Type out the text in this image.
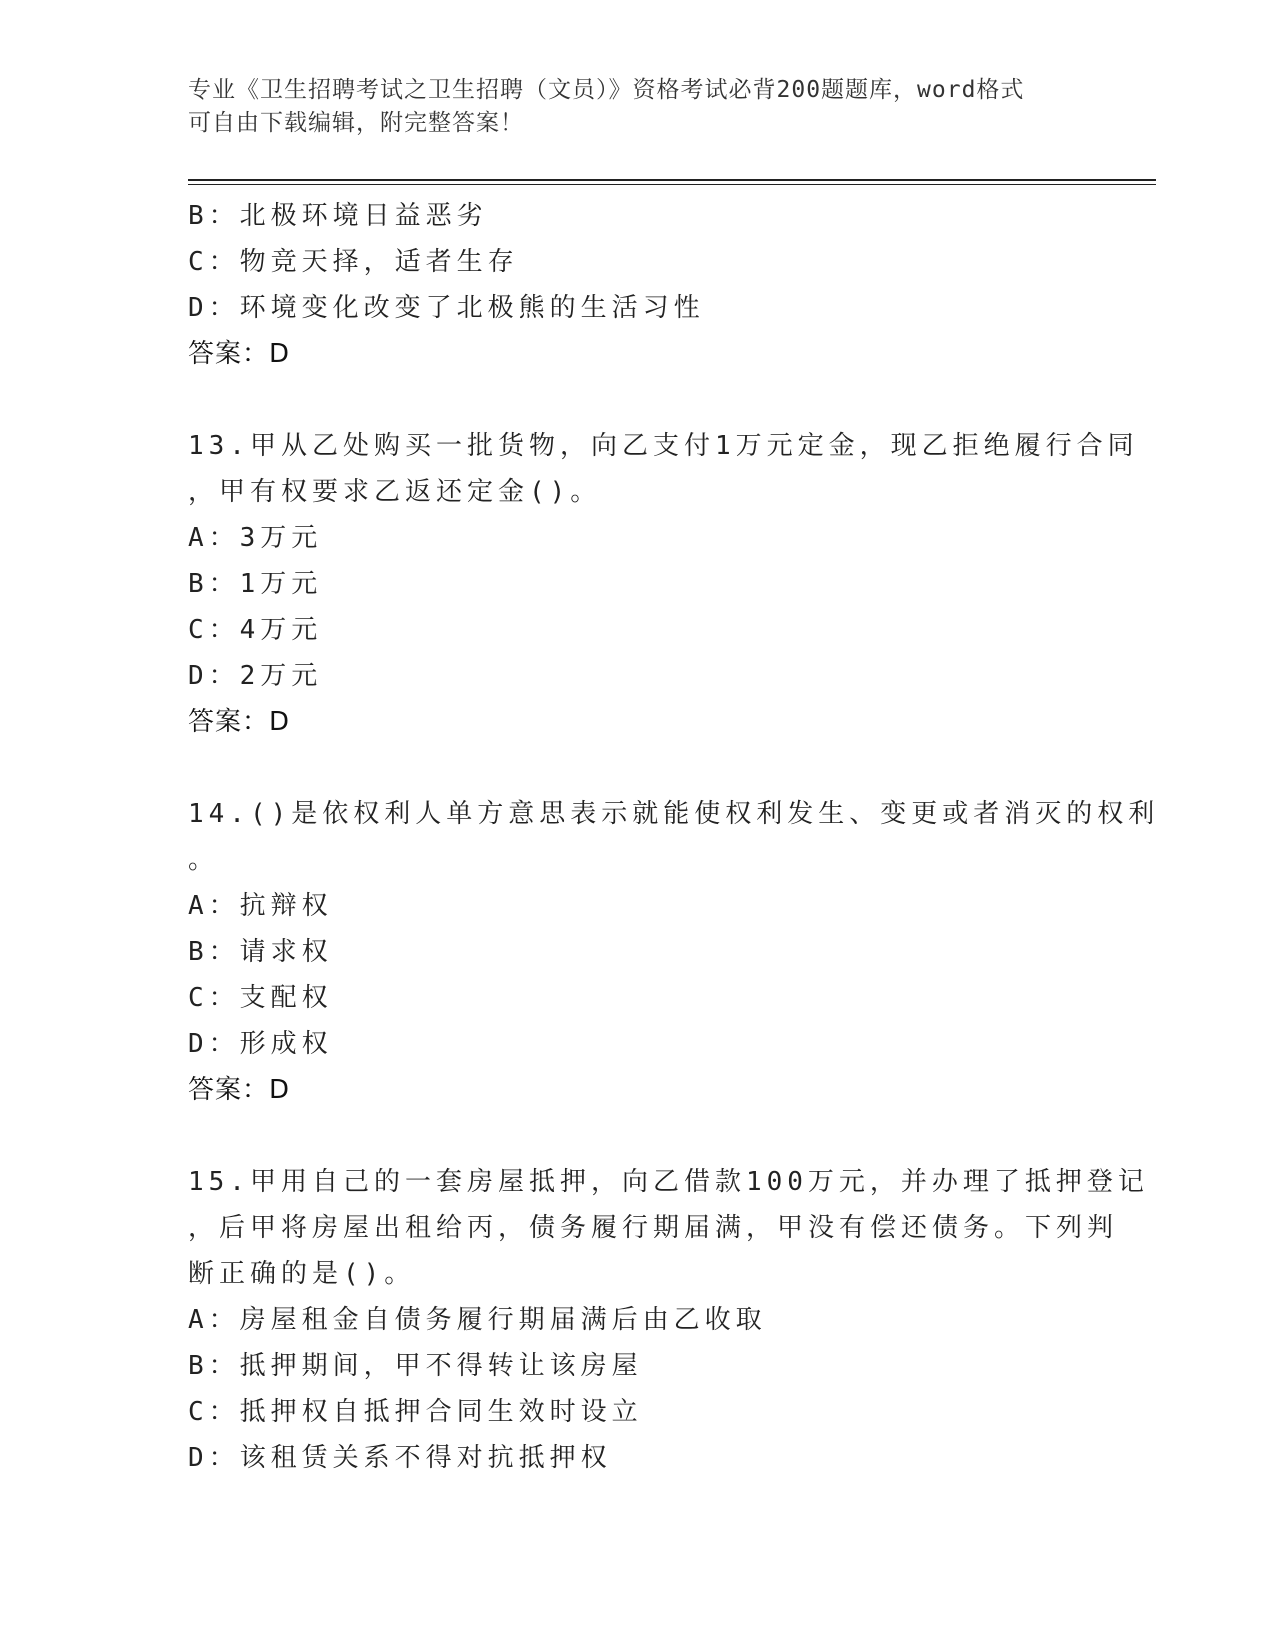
专业《卫生招聘考试之卫生招聘（文员）》资格考试必背200题题库，word格式
可自由下载编辑，附完整答案！
B：北极环境日益恶劣
C：物竞天择，适者生存
D：环境变化改变了北极熊的生活习性
答案：D
13.甲从乙处购买一批货物，向乙支付1万元定金，现乙拒绝履行合同
，甲有权要求乙返还定金()。
A：3万元
B：1万元
C：4万元
D：2万元
答案：D
14.()是依权利人单方意思表示就能使权利发生、变更或者消灭的权利
。
A：抗辩权
B：请求权
C：支配权
D：形成权
答案：D
15.甲用自己的一套房屋抵押，向乙借款100万元，并办理了抵押登记
，后甲将房屋出租给丙，债务履行期届满，甲没有偿还债务。下列判
断正确的是()。
A：房屋租金自债务履行期届满后由乙收取
B：抵押期间，甲不得转让该房屋
C：抵押权自抵押合同生效时设立
D：该租赁关系不得对抗抵押权
